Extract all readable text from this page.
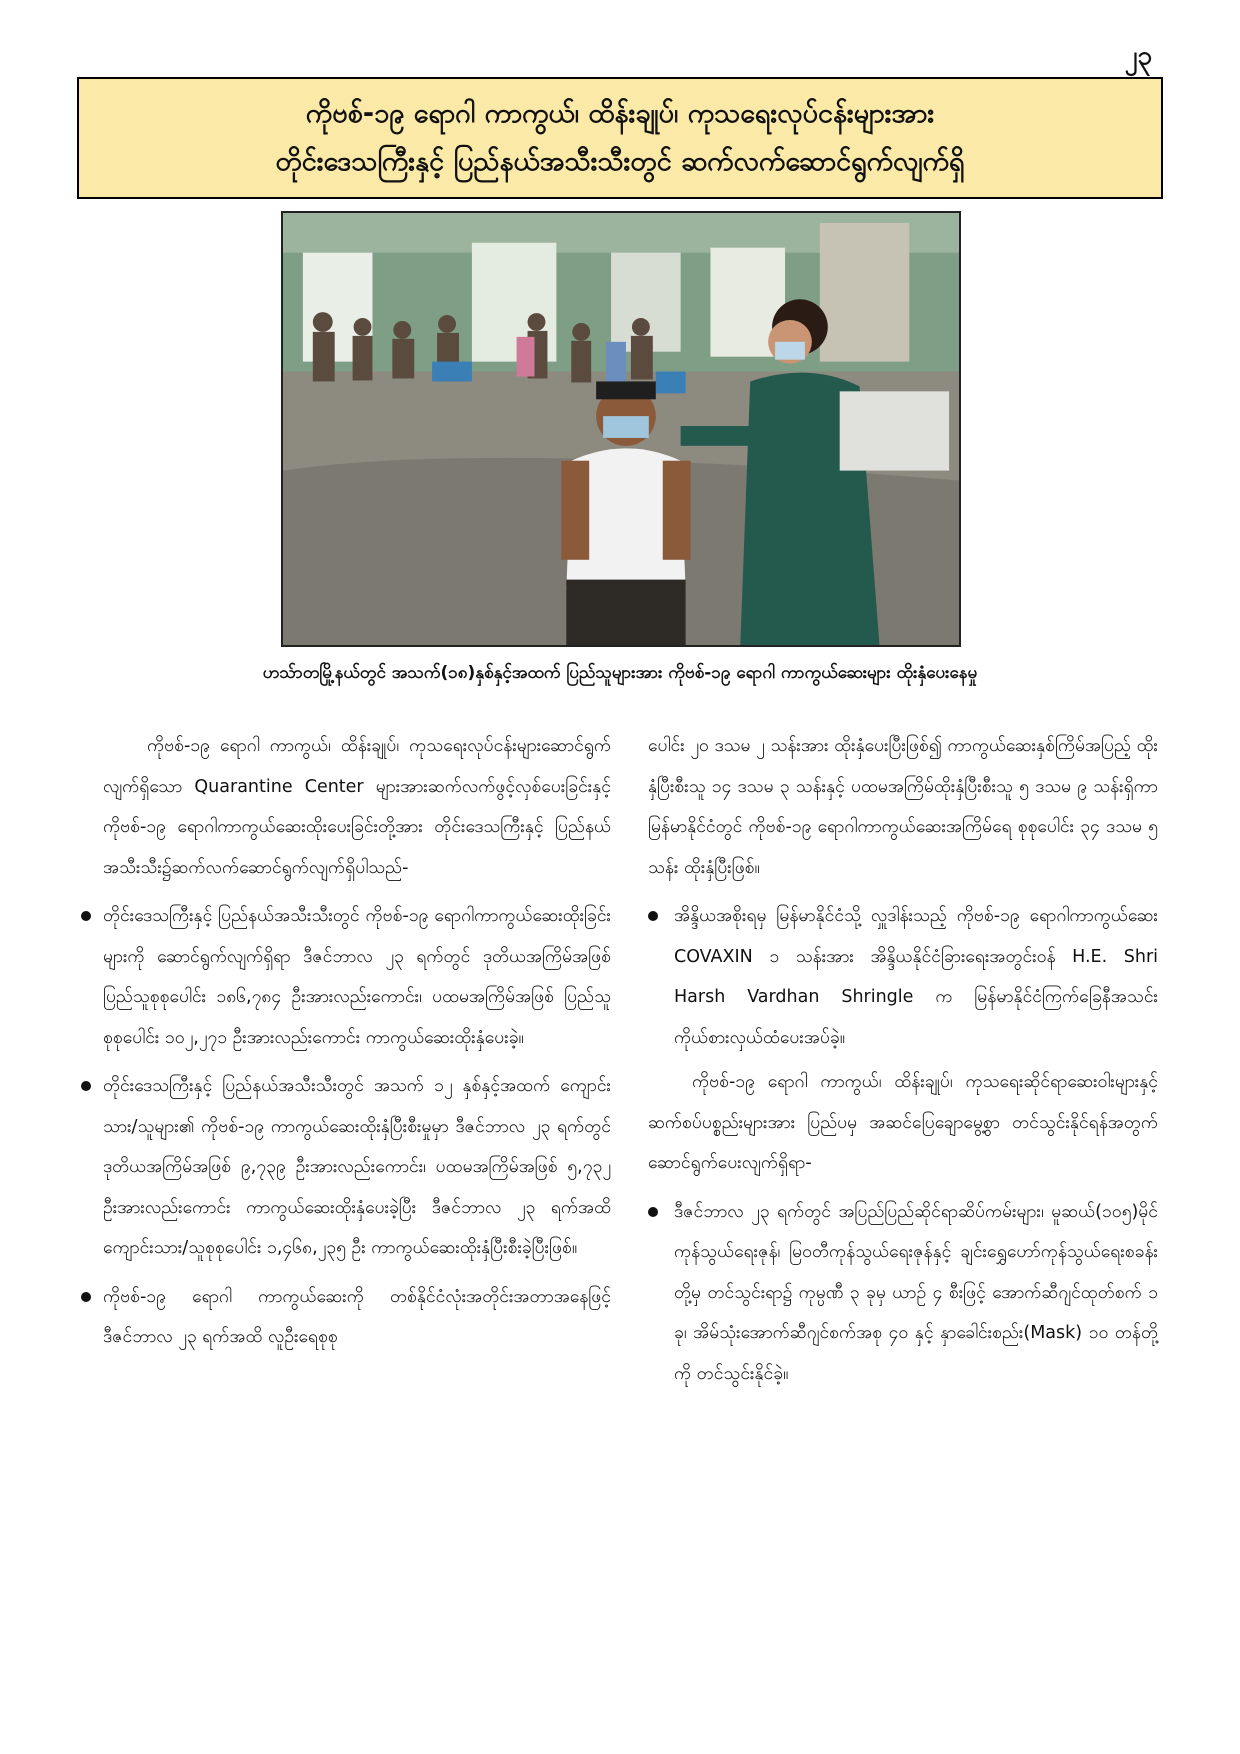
၂၃
ကိုဗစ်-၁၉ ရောဂါ ကာကွယ်၊ ထိန်းချုပ်၊ ကုသရေးလုပ်ငန်းများအား
တိုင်းဒေသကြီးနှင့် ပြည်နယ်အသီးသီးတွင် ဆက်လက်ဆောင်ရွက်လျက်ရှိ
ဟသ်ာတမြို့နယ်တွင် အသက်(၁၈)နှစ်နှင့်အထက် ပြည်သူများအား ကိုဗစ်-၁၉ ရောဂါ ကာကွယ်ဆေးများ ထိုးနှံပေးနေမှု

ကိုဗစ်-၁၉ ရောဂါ ကာကွယ်၊ ထိန်းချုပ်၊ ကုသရေးလုပ်ငန်းများဆောင်ရွက်လျက်ရှိသော Quarantine Center များအားဆက်လက်ဖွင့်လှစ်ပေးခြင်းနှင့် ကိုဗစ်-၁၉ ရောဂါကာကွယ်ဆေးထိုးပေးခြင်းတို့အား တိုင်းဒေသကြီးနှင့် ပြည်နယ်အသီးသီး၌ဆက်လက်ဆောင်ရွက်လျက်ရှိပါသည်-

တိုင်းဒေသကြီးနှင့် ပြည်နယ်အသီးသီးတွင် ကိုဗစ်-၁၉ ရောဂါကာကွယ်ဆေးထိုးခြင်းများကို ဆောင်ရွက်လျက်ရှိရာ ဒီဇင်ဘာလ ၂၃ ရက်တွင် ဒုတိယအကြိမ်အဖြစ် ပြည်သူစုစုပေါင်း ၁၈၆,၇၈၄ ဦးအားလည်းကောင်း၊ ပထမအကြိမ်အဖြစ် ပြည်သူစုစုပေါင်း ၁၀၂,၂၇၁ ဦးအားလည်းကောင်း ကာကွယ်ဆေးထိုးနှံပေးခဲ့။
တိုင်းဒေသကြီးနှင့် ပြည်နယ်အသီးသီးတွင် အသက် ၁၂ နှစ်နှင့်အထက် ကျောင်း သား/သူများ၏ ကိုဗစ်-၁၉ ကာကွယ်ဆေးထိုးနှံပြီးစီးမှုမှာ ဒီဇင်ဘာလ ၂၃ ရက်တွင် ဒုတိယအကြိမ်အဖြစ် ၉,၇၃၉ ဦးအားလည်းကောင်း၊ ပထမအကြိမ်အဖြစ် ၅,၇၃၂ ဦးအားလည်းကောင်း ကာကွယ်ဆေးထိုးနှံပေးခဲ့ပြီး ဒီဇင်ဘာလ ၂၃ ရက်အထိ ကျောင်းသား/သူစုစုပေါင်း ၁,၄၆၈,၂၃၅ ဦး ကာကွယ်ဆေးထိုးနှံပြီးစီးခဲ့ပြီးဖြစ်။
ကိုဗစ်-၁၉ ရောဂါ ကာကွယ်ဆေးကို တစ်နိုင်ငံလုံးအတိုင်းအတာအနေဖြင့် ဒီဇင်ဘာလ ၂၃ ရက်အထိ လူဦးရေစုစု

ပေါင်း ၂၀ ဒသမ ၂ သန်းအား ထိုးနှံပေးပြီးဖြစ်၍ ကာကွယ်ဆေးနှစ်ကြိမ်အပြည့် ထိုးနှံပြီးစီးသူ ၁၄ ဒသမ ၃ သန်းနှင့် ပထမအကြိမ်ထိုးနှံပြီးစီးသူ ၅ ဒသမ ၉ သန်းရှိကာ မြန်မာနိုင်ငံတွင် ကိုဗစ်-၁၉ ရောဂါကာကွယ်ဆေးအကြိမ်ရေ စုစုပေါင်း ၃၄ ဒသမ ၅ သန်း ထိုးနှံပြီးဖြစ်။

အိန္ဒိယအစိုးရမှ မြန်မာနိုင်ငံသို့ လှူဒါန်းသည့် ကိုဗစ်-၁၉ ရောဂါကာကွယ်ဆေး COVAXIN ၁ သန်းအား အိန္ဒိယနိုင်ငံခြားရေးအတွင်းဝန် H.E. Shri Harsh Vardhan Shringle က မြန်မာနိုင်ငံကြက်ခြေနီအသင်းကိုယ်စားလှယ်ထံပေးအပ်ခဲ့။

ကိုဗစ်-၁၉ ရောဂါ ကာကွယ်၊ ထိန်းချုပ်၊ ကုသရေးဆိုင်ရာဆေးဝါးများနှင့် ဆက်စပ်ပစ္စည်းများအား ပြည်ပမှ အဆင်ပြေချောမွေ့စွာ တင်သွင်းနိုင်ရန်အတွက် ဆောင်ရွက်ပေးလျက်ရှိရာ-

ဒီဇင်ဘာလ ၂၃ ရက်တွင် အပြည်ပြည်ဆိုင်ရာဆိပ်ကမ်းများ၊ မူဆယ်(၁၀၅)မိုင် ကုန်သွယ်ရေးဇုန်၊ မြဝတီကုန်သွယ်ရေးဇုန်နှင့် ချင်းရွှေဟော်ကုန်သွယ်ရေးစခန်းတို့မှ တင်သွင်းရာ၌ ကုမ္ပဏီ ၃ ခုမှ ယာဉ် ၄ စီးဖြင့် အောက်ဆီဂျင်ထုတ်စက် ၁ ခု၊ အိမ်သုံးအောက်ဆီဂျင်စက်အစု ၄၀ နှင့် နှာခေါင်းစည်း(Mask) ၁၀ တန်တို့ကို တင်သွင်းနိုင်ခဲ့။
